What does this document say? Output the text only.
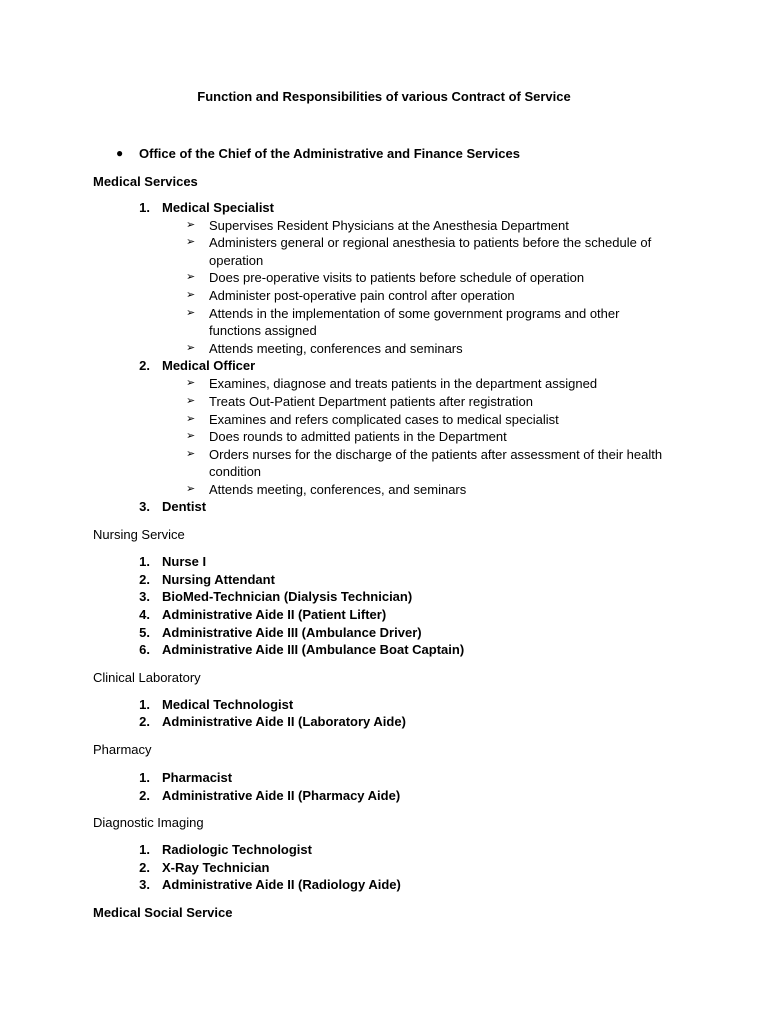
Function and Responsibilities of various Contract of Service
● Office of the Chief of the Administrative and Finance Services
Medical Services
1. Medical Specialist
➢ Supervises Resident Physicians at the Anesthesia Department
➢ Administers general or regional anesthesia to patients before the schedule of
operation
➢ Does pre-operative visits to patients before schedule of operation
➢ Administer post-operative pain control after operation
➢ Attends in the implementation of some government programs and other
functions assigned
➢ Attends meeting, conferences and seminars
2. Medical Officer
➢ Examines, diagnose and treats patients in the department assigned
➢ Treats Out-Patient Department patients after registration
➢ Examines and refers complicated cases to medical specialist
➢ Does rounds to admitted patients in the Department
➢ Orders nurses for the discharge of the patients after assessment of their health
condition
➢ Attends meeting, conferences, and seminars
3. Dentist
Nursing Service
1. Nurse I
2. Nursing Attendant
3. BioMed-Technician (Dialysis Technician)
4. Administrative Aide II (Patient Lifter)
5. Administrative Aide III (Ambulance Driver)
6. Administrative Aide III (Ambulance Boat Captain)
Clinical Laboratory
1. Medical Technologist
2. Administrative Aide II (Laboratory Aide)
Pharmacy
1. Pharmacist
2. Administrative Aide II (Pharmacy Aide)
Diagnostic Imaging
1. Radiologic Technologist
2. X-Ray Technician
3. Administrative Aide II (Radiology Aide)
Medical Social Service
